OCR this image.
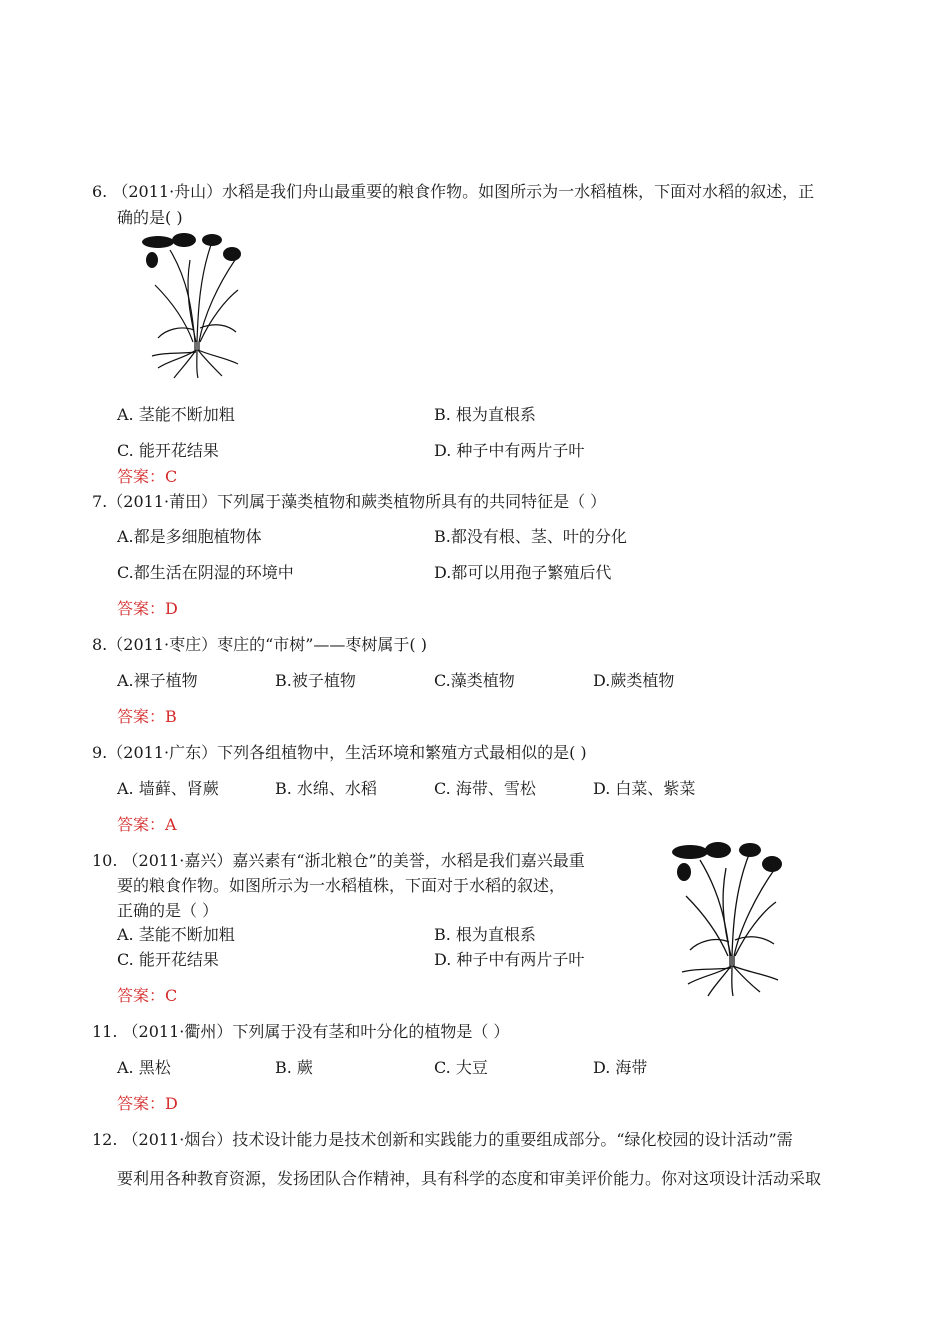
6. （2011·舟山）水稻是我们舟山最重要的粮食作物。如图所示为一水稻植株，下面对水稻的叙述，正
确的是( )
A. 茎能不断加粗	B. 根为直根系
C. 能开花结果	D. 种子中有两片子叶
答案：C
7.（2011·莆田）下列属于藻类植物和蕨类植物所具有的共同特征是（ ）
A.都是多细胞植物体	B.都没有根、茎、叶的分化
C.都生活在阴湿的环境中	D.都可以用孢子繁殖后代
答案：D
8.（2011·枣庄）枣庄的“市树”——枣树属于( )
A.裸子植物	B.被子植物	C.藻类植物	D.蕨类植物
答案：B
9.（2011·广东）下列各组植物中，生活环境和繁殖方式最相似的是( )
A. 墙藓、肾蕨	B. 水绵、水稻	C. 海带、雪松	D. 白菜、紫菜
答案：A
10. （2011·嘉兴）嘉兴素有“浙北粮仓”的美誉，水稻是我们嘉兴最重
要的粮食作物。如图所示为一水稻植株，下面对于水稻的叙述，
正确的是（ ）
A. 茎能不断加粗	B. 根为直根系
C. 能开花结果	D. 种子中有两片子叶
答案：C
11. （2011·衢州）下列属于没有茎和叶分化的植物是（ ）
A. 黑松	B. 蕨	C. 大豆	D. 海带
答案：D
12. （2011·烟台）技术设计能力是技术创新和实践能力的重要组成部分。“绿化校园的设计活动”需
要利用各种教育资源，发扬团队合作精神，具有科学的态度和审美评价能力。你对这项设计活动采取
